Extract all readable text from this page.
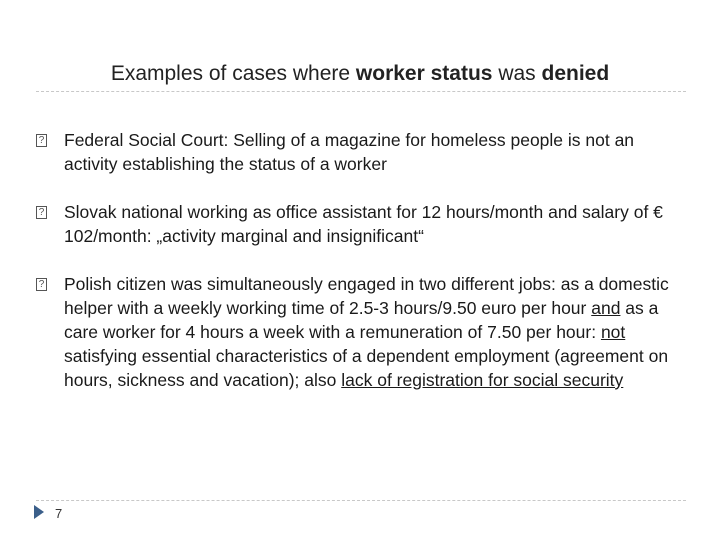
Examples of cases where worker status was denied
? Federal Social Court: Selling of a magazine for homeless people is not an activity establishing the status of a worker
? Slovak national working as office assistant for 12 hours/month and salary of € 102/month: „activity marginal and insignificant“
? Polish citizen was simultaneously engaged in two different jobs: as a domestic helper with a weekly working time of 2.5-3 hours/9.50 euro per hour and as a care worker for 4 hours a week with a remuneration of 7.50 per hour: not satisfying essential characteristics of a dependent employment (agreement on hours, sickness and vacation); also lack of registration for social security
7
